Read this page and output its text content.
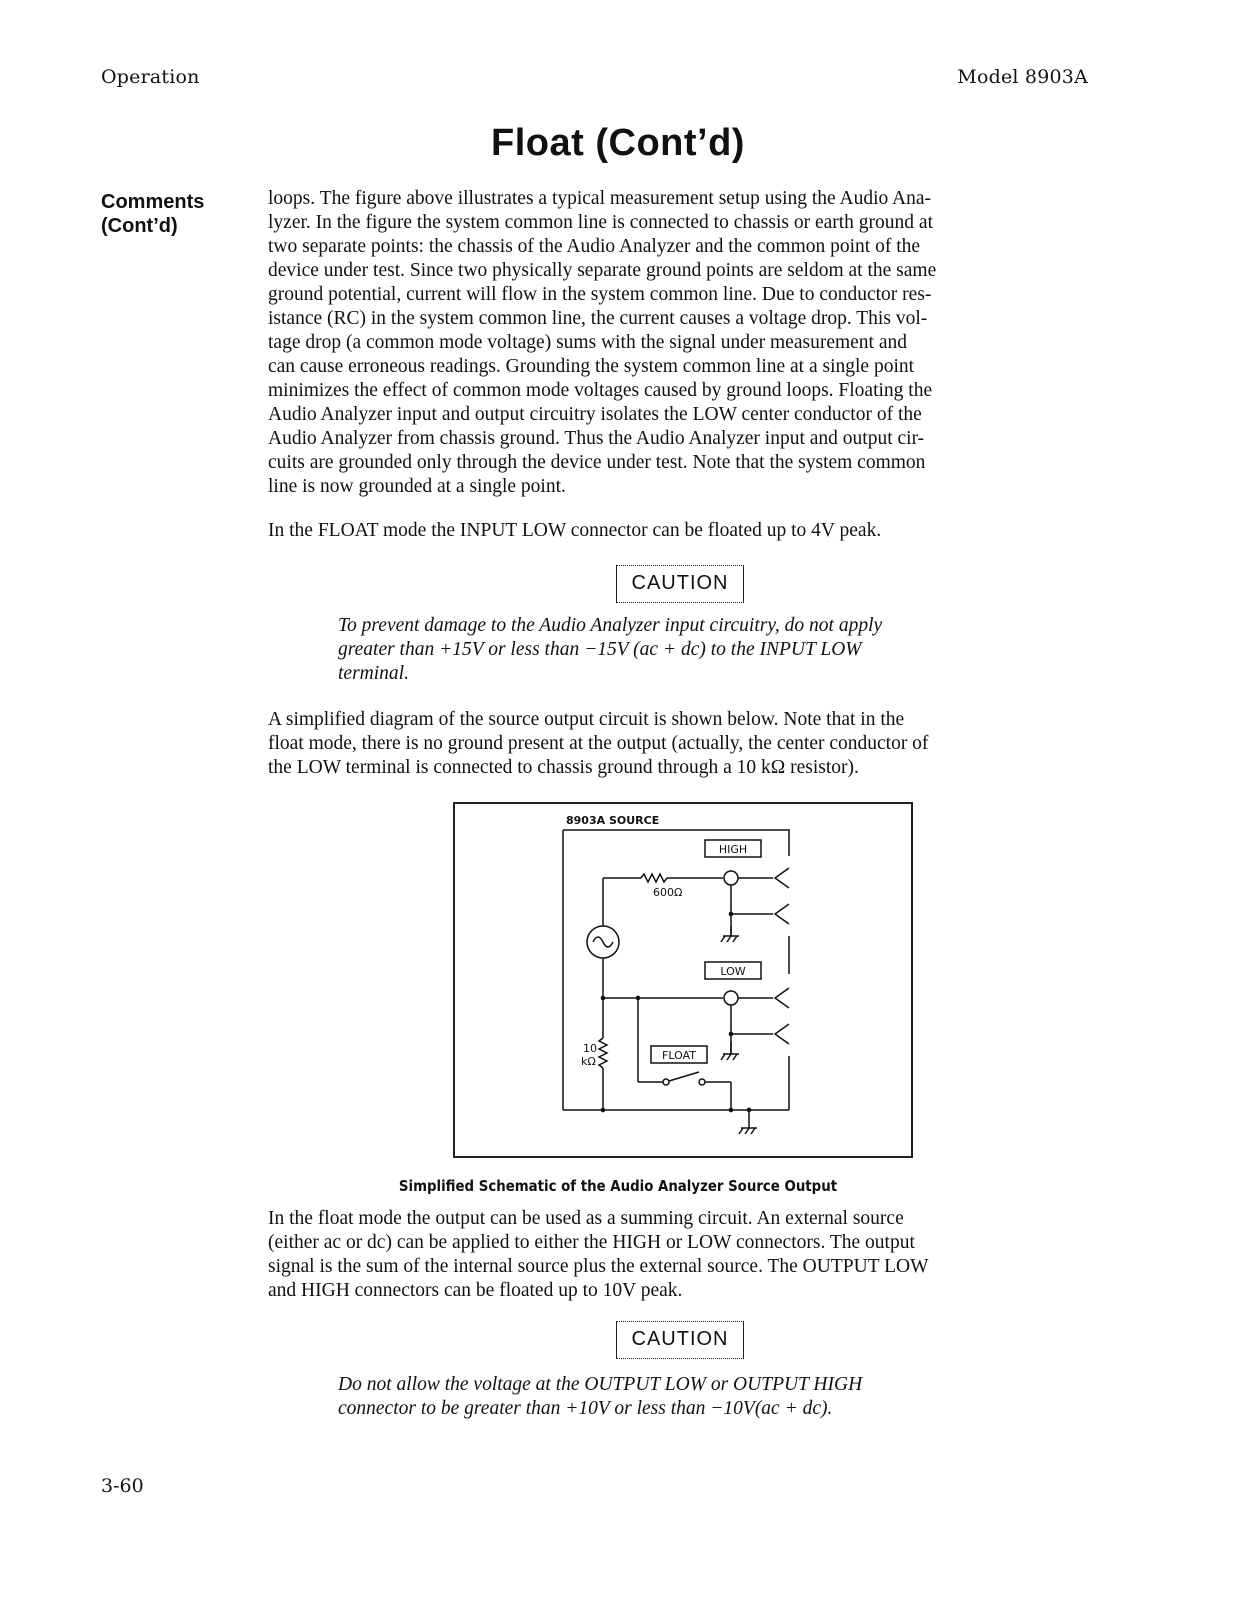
Operation	Model 8903A
Float (Cont’d)
Comments
(Cont’d)
loops. The figure above illustrates a typical measurement setup using the Audio Ana-
lyzer. In the figure the system common line is connected to chassis or earth ground at
two separate points: the chassis of the Audio Analyzer and the common point of the
device under test. Since two physically separate ground points are seldom at the same
ground potential, current will flow in the system common line. Due to conductor res-
istance (RC) in the system common line, the current causes a voltage drop. This vol-
tage drop (a common mode voltage) sums with the signal under measurement and
can cause erroneous readings. Grounding the system common line at a single point
minimizes the effect of common mode voltages caused by ground loops. Floating the
Audio Analyzer input and output circuitry isolates the LOW center conductor of the
Audio Analyzer from chassis ground. Thus the Audio Analyzer input and output cir-
cuits are grounded only through the device under test. Note that the system common
line is now grounded at a single point.
In the FLOAT mode the INPUT LOW connector can be floated up to 4V peak.
CAUTION
To prevent damage to the Audio Analyzer input circuitry, do not apply
greater than +15V or less than −15V (ac + dc) to the INPUT LOW
terminal.
A simplified diagram of the source output circuit is shown below. Note that in the
float mode, there is no ground present at the output (actually, the center conductor of
the LOW terminal is connected to chassis ground through a 10 kΩ resistor).
8903A SOURCE
HIGH
LOW
FLOAT
600Ω
10
kΩ
Simplified Schematic of the Audio Analyzer Source Output
In the float mode the output can be used as a summing circuit. An external source
(either ac or dc) can be applied to either the HIGH or LOW connectors. The output
signal is the sum of the internal source plus the external source. The OUTPUT LOW
and HIGH connectors can be floated up to 10V peak.
CAUTION
Do not allow the voltage at the OUTPUT LOW or OUTPUT HIGH
connector to be greater than +10V or less than −10V(ac + dc).
3-60
